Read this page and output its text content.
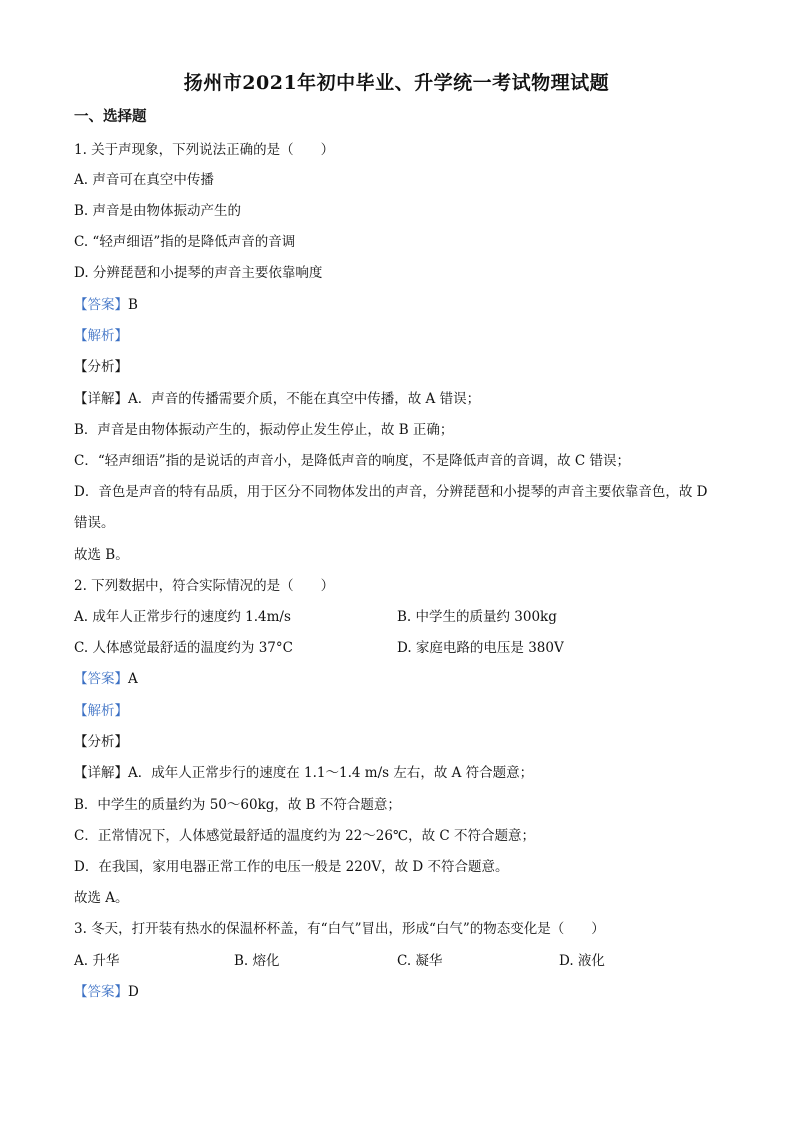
扬州市2021年初中毕业、升学统一考试物理试题
一、选择题
1. 关于声现象，下列说法正确的是（　　）
A. 声音可在真空中传播
B. 声音是由物体振动产生的
C. “轻声细语”指的是降低声音的音调
D. 分辨琵琶和小提琴的声音主要依靠响度
【答案】B
【解析】
【分析】
【详解】A．声音的传播需要介质，不能在真空中传播，故 A 错误；
B．声音是由物体振动产生的，振动停止发生停止，故 B 正确；
C．“轻声细语”指的是说话的声音小，是降低声音的响度，不是降低声音的音调，故 C 错误；
D．音色是声音的特有品质，用于区分不同物体发出的声音，分辨琵琶和小提琴的声音主要依靠音色，故 D
错误。
故选 B。
2. 下列数据中，符合实际情况的是（　　）
A. 成年人正常步行的速度约 1.4m/s	B. 中学生的质量约 300kg
C. 人体感觉最舒适的温度约为 37°C	D. 家庭电路的电压是 380V
【答案】A
【解析】
【分析】
【详解】A．成年人正常步行的速度在 1.1～1.4 m/s 左右，故 A 符合题意；
B．中学生的质量约为 50～60kg，故 B 不符合题意；
C．正常情况下，人体感觉最舒适的温度约为 22～26℃，故 C 不符合题意；
D．在我国，家用电器正常工作的电压一般是 220V，故 D 不符合题意。
故选 A。
3. 冬天，打开装有热水的保温杯杯盖，有“白气”冒出，形成“白气”的物态变化是（　　）
A. 升华	B. 熔化	C. 凝华	D. 液化
【答案】D
